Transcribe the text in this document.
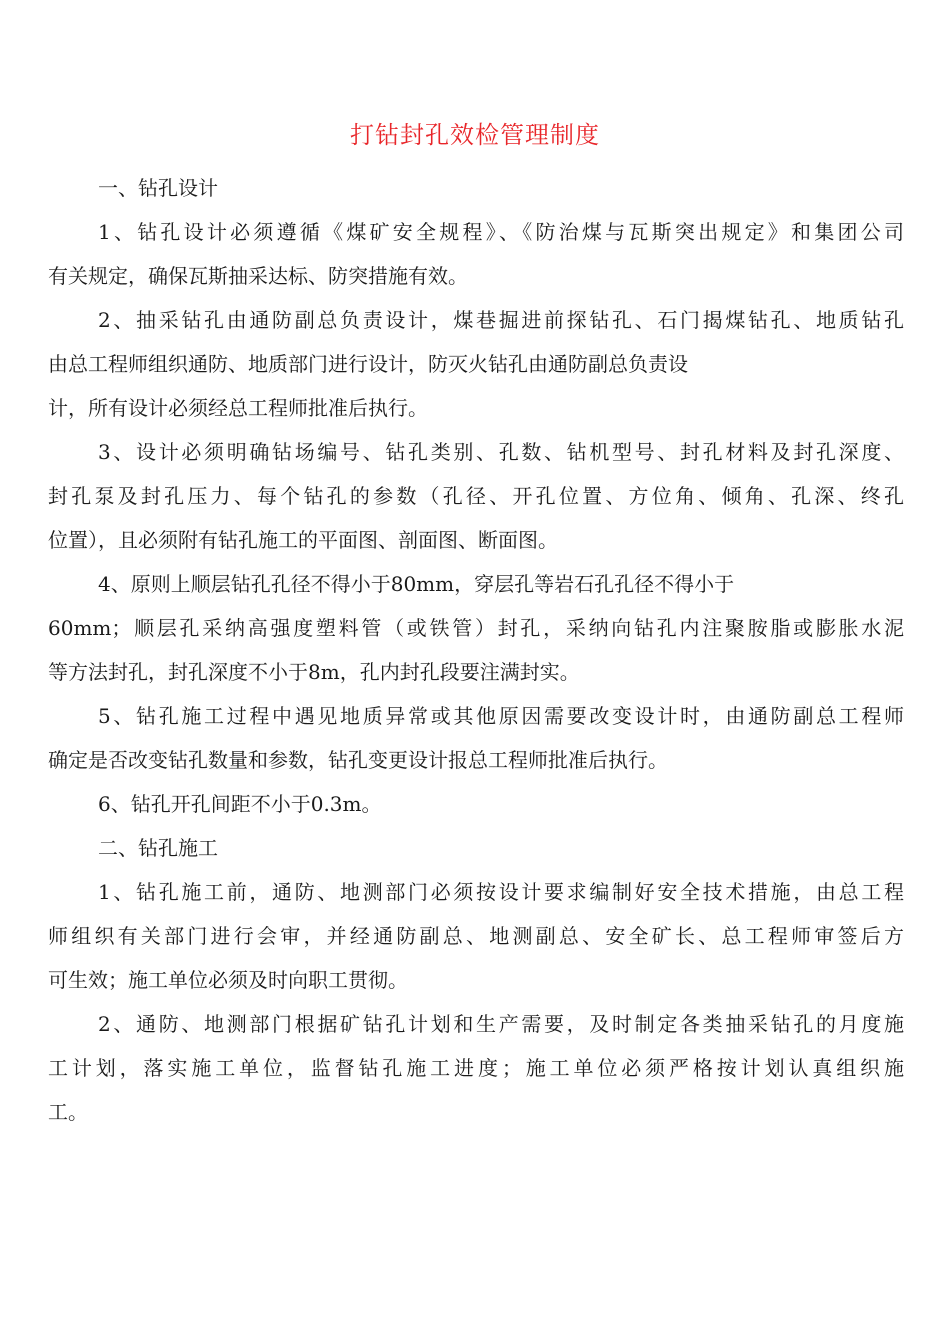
打钻封孔效检管理制度

一、钻孔设计

1、钻孔设计必须遵循《煤矿安全规程》、《防治煤与瓦斯突出规定》和集团公司
有关规定，确保瓦斯抽采达标、防突措施有效。

2、抽采钻孔由通防副总负责设计，煤巷掘进前探钻孔、石门揭煤钻孔、地质钻孔
由总工程师组织通防、地质部门进行设计，防灭火钻孔由通防副总负责设
计，所有设计必须经总工程师批准后执行。

3、设计必须明确钻场编号、钻孔类别、孔数、钻机型号、封孔材料及封孔深度、
封孔泵及封孔压力、每个钻孔的参数（孔径、开孔位置、方位角、倾角、孔深、终孔
位置），且必须附有钻孔施工的平面图、剖面图、断面图。

4、原则上顺层钻孔孔径不得小于80mm，穿层孔等岩石孔孔径不得小于
60mm；顺层孔采纳高强度塑料管（或铁管）封孔，采纳向钻孔内注聚胺脂或膨胀水泥
等方法封孔，封孔深度不小于8m，孔内封孔段要注满封实。

5、钻孔施工过程中遇见地质异常或其他原因需要改变设计时，由通防副总工程师
确定是否改变钻孔数量和参数，钻孔变更设计报总工程师批准后执行。

6、钻孔开孔间距不小于0.3m。

二、钻孔施工

1、钻孔施工前，通防、地测部门必须按设计要求编制好安全技术措施，由总工程
师组织有关部门进行会审，并经通防副总、地测副总、安全矿长、总工程师审签后方
可生效；施工单位必须及时向职工贯彻。

2、通防、地测部门根据矿钻孔计划和生产需要，及时制定各类抽采钻孔的月度施
工计划，落实施工单位，监督钻孔施工进度；施工单位必须严格按计划认真组织施
工。
